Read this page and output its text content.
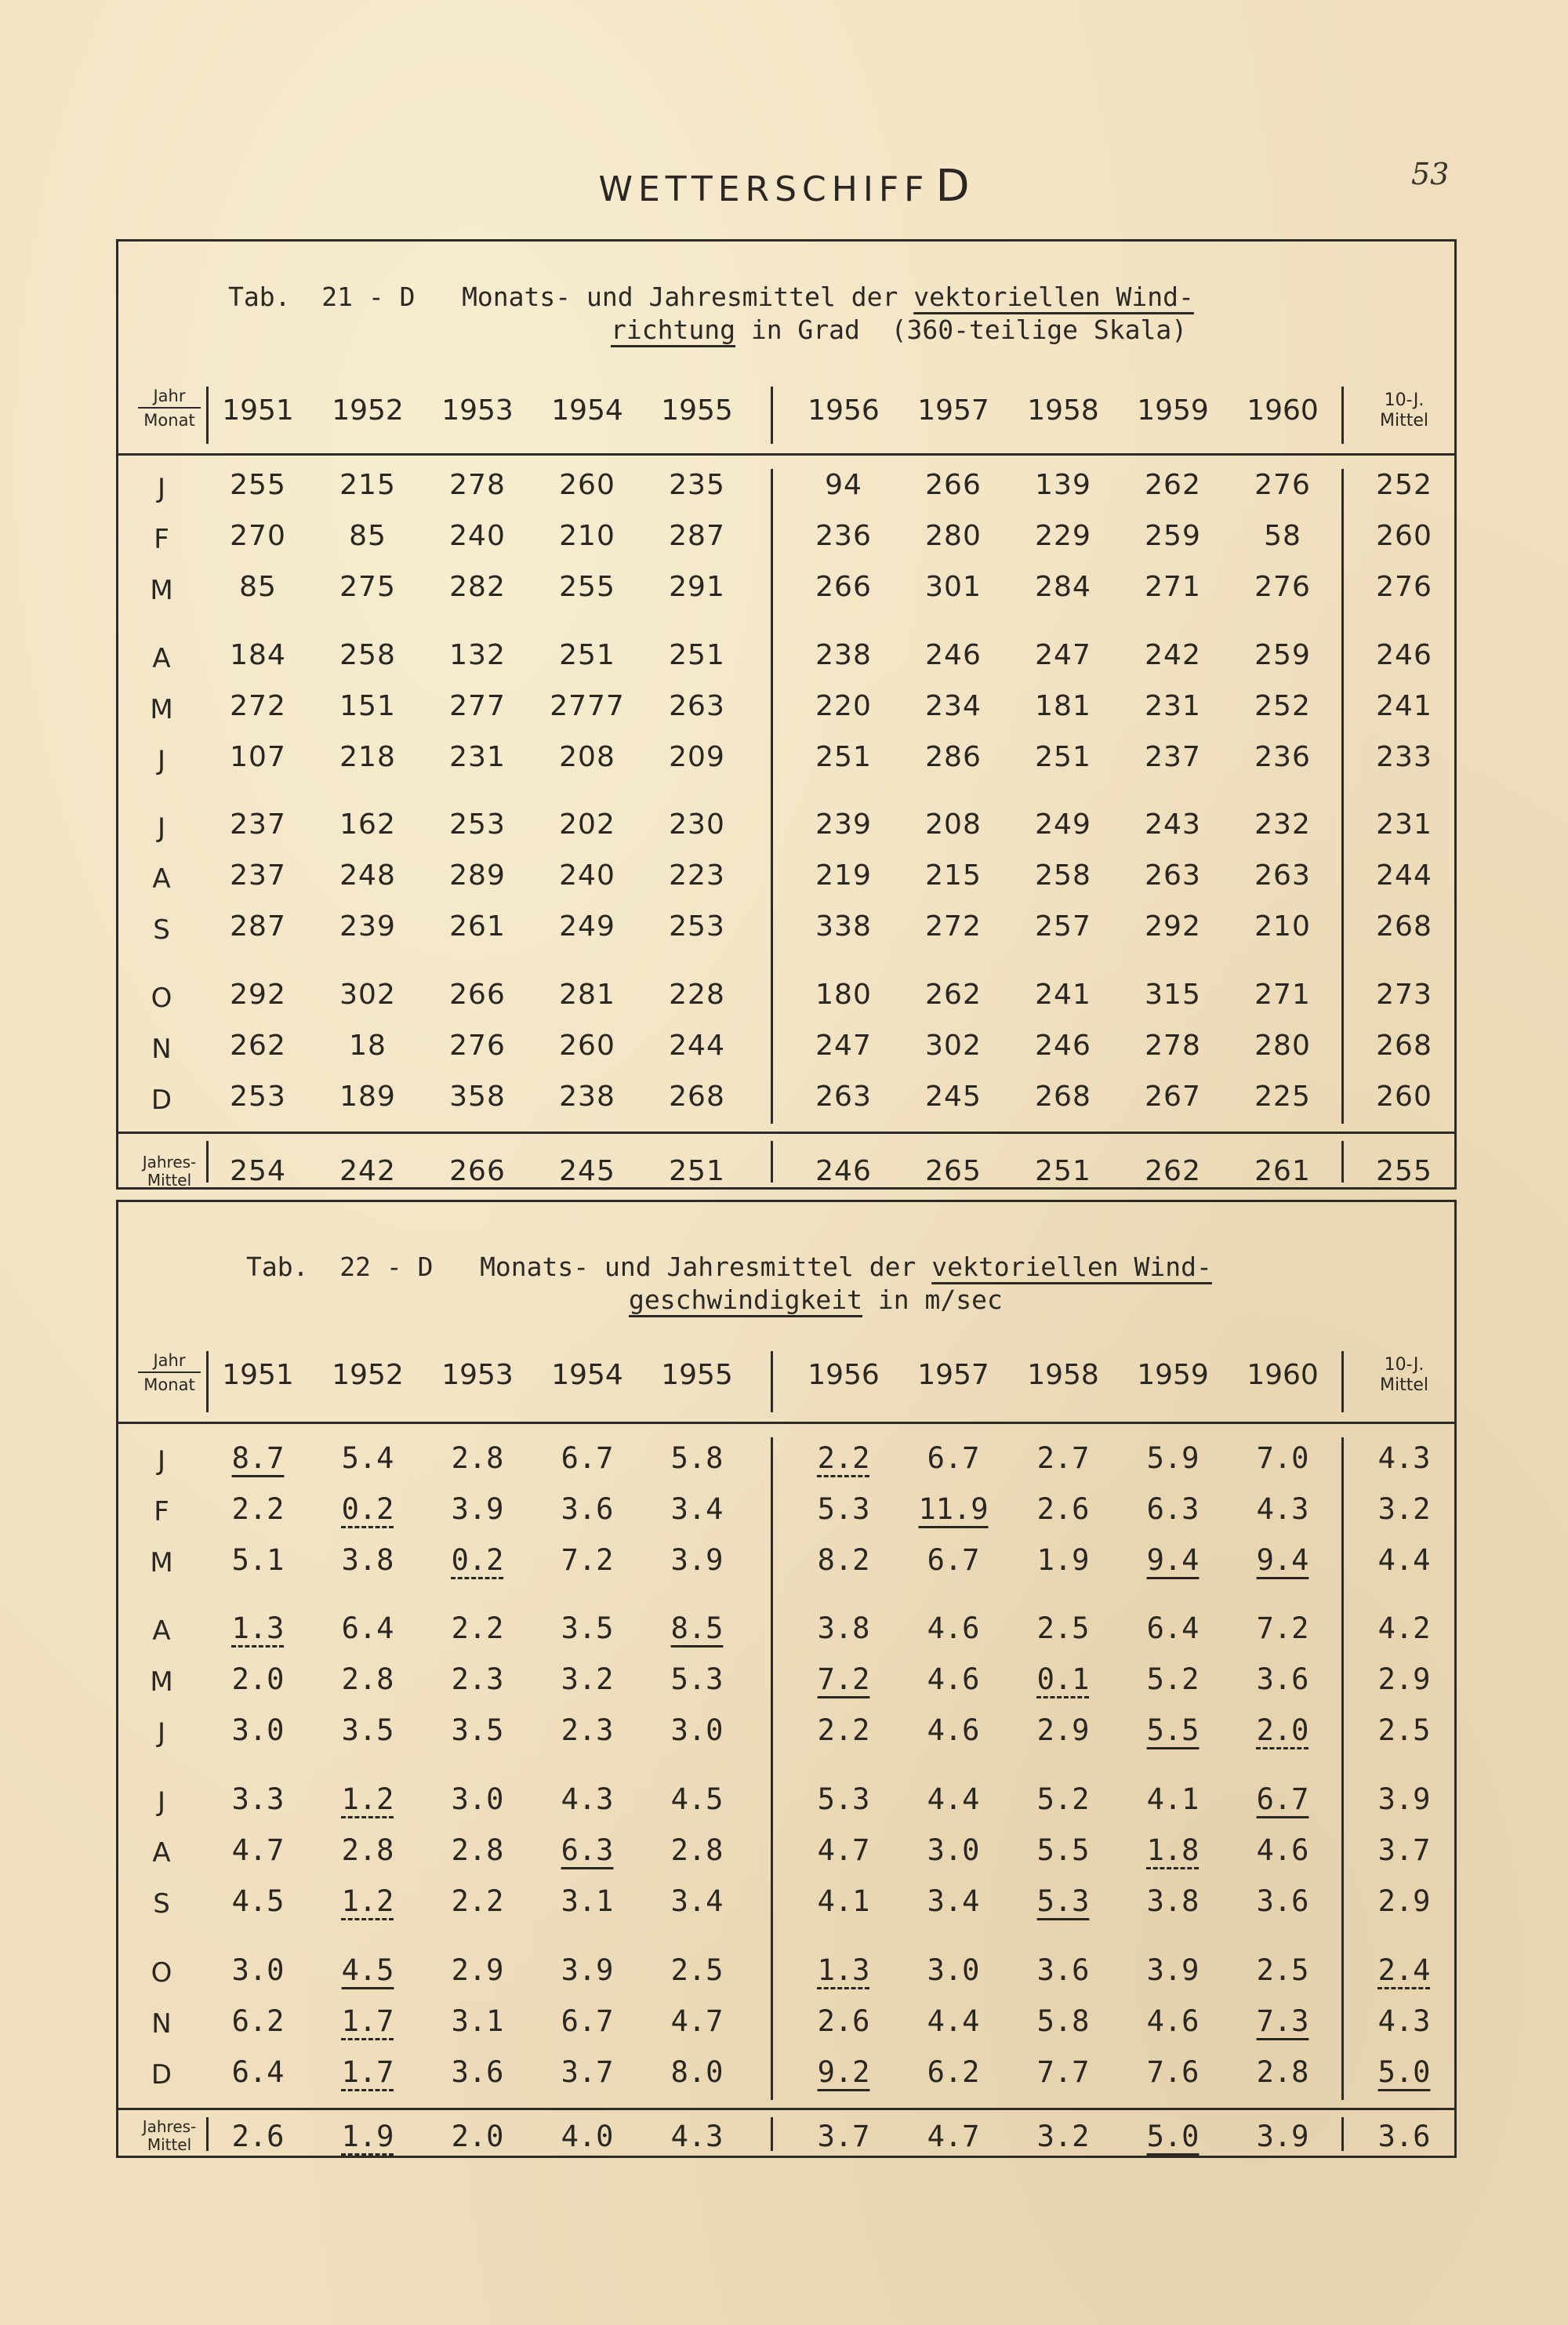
WETTERSCHIFF D	53
Tab. 21 - D Monats- und Jahresmittel der vektoriellen Wind-
richtung in Grad  (360-teilige Skala)
Jahr
Monat 1951	1952	1953	1954	1955	1956	1957	1958	1959	1960	10-J.
Mittel
J	255	215	278	260	235	94	266	139	262	276	252
F	270	85	240	210	287	236	280	229	259	58	260
M	85	275	282	255	291	266	301	284	271	276	276
A	184	258	132	251	251	238	246	247	242	259	246
M	272	151	277	2777	263	220	234	181	231	252	241
J	107	218	231	208	209	251	286	251	237	236	233
J	237	162	253	202	230	239	208	249	243	232	231
A	237	248	289	240	223	219	215	258	263	263	244
S	287	239	261	249	253	338	272	257	292	210	268
O	292	302	266	281	228	180	262	241	315	271	273
N	262	18	276	260	244	247	302	246	278	280	268
D	253	189	358	238	268	263	245	268	267	225	260
Jahres-
Mittel	254	242	266	245	251	246	265	251	262	261	255
Tab. 22 - D Monats- und Jahresmittel der vektoriellen Wind-
geschwindigkeit in m/sec
Jahr
Monat 1951	1952	1953	1954	1955	1956	1957	1958	1959	1960	10-J.
Mittel
J	8.7	5.4	2.8	6.7	5.8	2.2	6.7	2.7	5.9	7.0	4.3
F	2.2	0.2	3.9	3.6	3.4	5.3	11.9	2.6	6.3	4.3	3.2
M	5.1	3.8	0.2	7.2	3.9	8.2	6.7	1.9	9.4	9.4	4.4
A	1.3	6.4	2.2	3.5	8.5	3.8	4.6	2.5	6.4	7.2	4.2
M	2.0	2.8	2.3	3.2	5.3	7.2	4.6	0.1	5.2	3.6	2.9
J	3.0	3.5	3.5	2.3	3.0	2.2	4.6	2.9	5.5	2.0	2.5
J	3.3	1.2	3.0	4.3	4.5	5.3	4.4	5.2	4.1	6.7	3.9
A	4.7	2.8	2.8	6.3	2.8	4.7	3.0	5.5	1.8	4.6	3.7
S	4.5	1.2	2.2	3.1	3.4	4.1	3.4	5.3	3.8	3.6	2.9
O	3.0	4.5	2.9	3.9	2.5	1.3	3.0	3.6	3.9	2.5	2.4
N	6.2	1.7	3.1	6.7	4.7	2.6	4.4	5.8	4.6	7.3	4.3
D	6.4	1.7	3.6	3.7	8.0	9.2	6.2	7.7	7.6	2.8	5.0
Jahres-
Mittel	2.6	1.9	2.0	4.0	4.3	3.7	4.7	3.2	5.0	3.9	3.6
